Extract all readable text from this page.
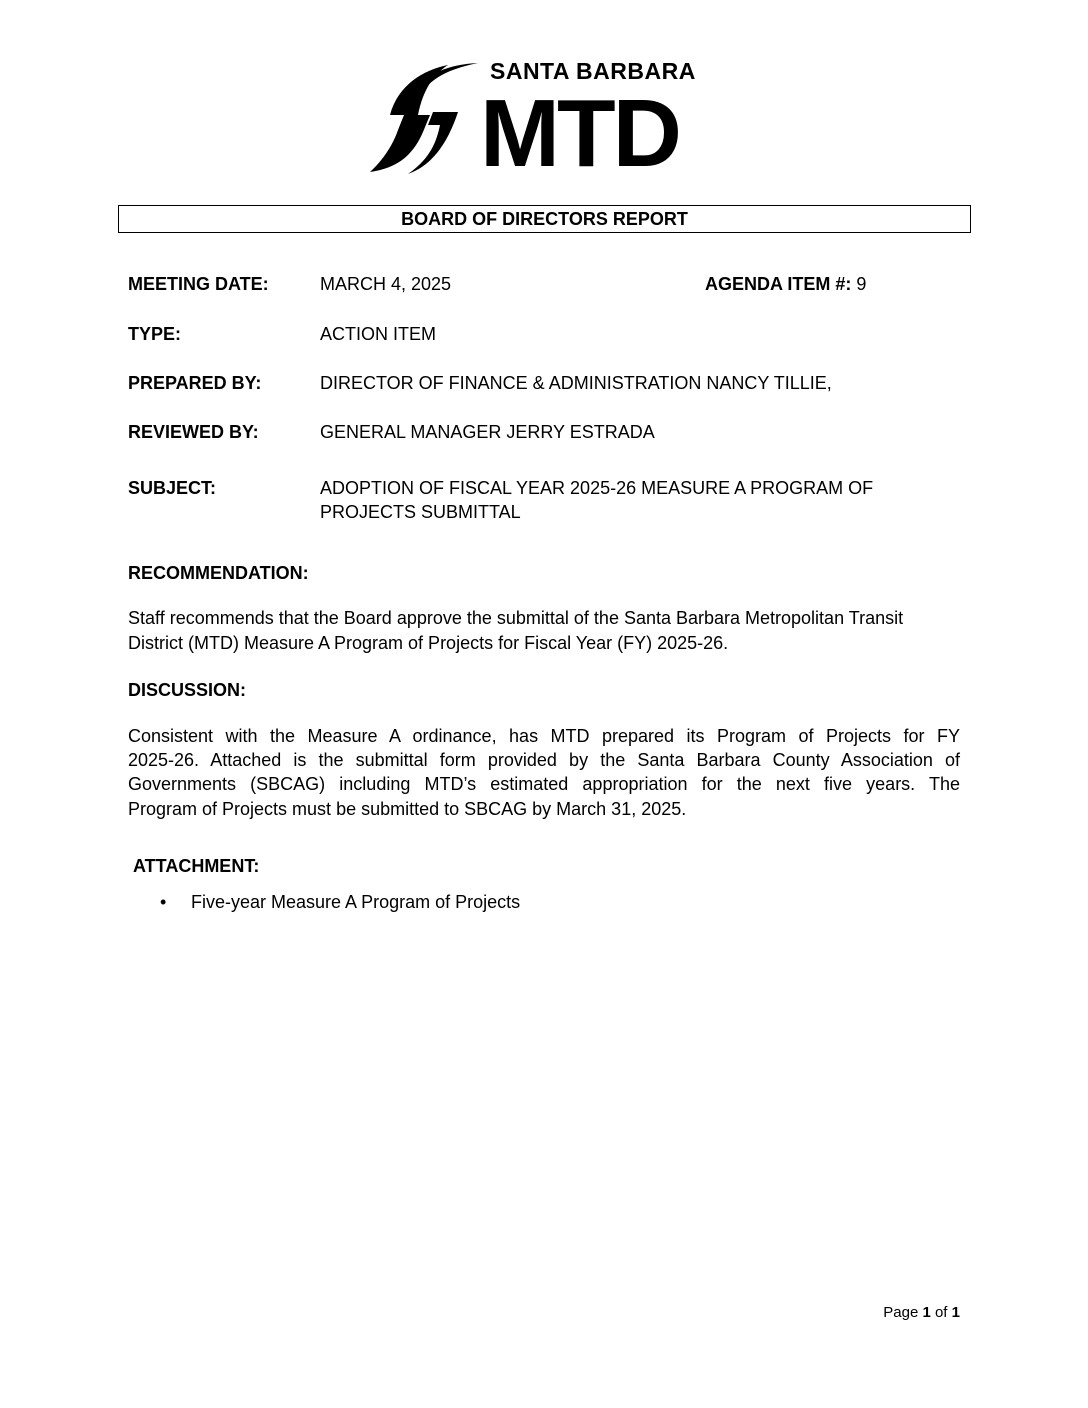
SANTA BARBARA
MTD
BOARD OF DIRECTORS REPORT
MEETING DATE:	MARCH 4, 2025	AGENDA ITEM #: 9
TYPE:	ACTION ITEM
PREPARED BY:	DIRECTOR OF FINANCE & ADMINISTRATION NANCY TILLIE,
REVIEWED BY:	GENERAL MANAGER JERRY ESTRADA
SUBJECT:	ADOPTION OF FISCAL YEAR 2025-26 MEASURE A PROGRAM OF
PROJECTS SUBMITTAL
RECOMMENDATION:
Staff recommends that the Board approve the submittal of the Santa Barbara Metropolitan Transit
District (MTD) Measure A Program of Projects for Fiscal Year (FY) 2025-26.
DISCUSSION:
Consistent with the Measure A ordinance, has MTD prepared its Program of Projects for FY
2025-26. Attached is the submittal form provided by the Santa Barbara County Association of
Governments (SBCAG) including MTD’s estimated appropriation for the next five years. The
Program of Projects must be submitted to SBCAG by March 31, 2025.
ATTACHMENT:
• Five-year Measure A Program of Projects
Page 1 of 1
